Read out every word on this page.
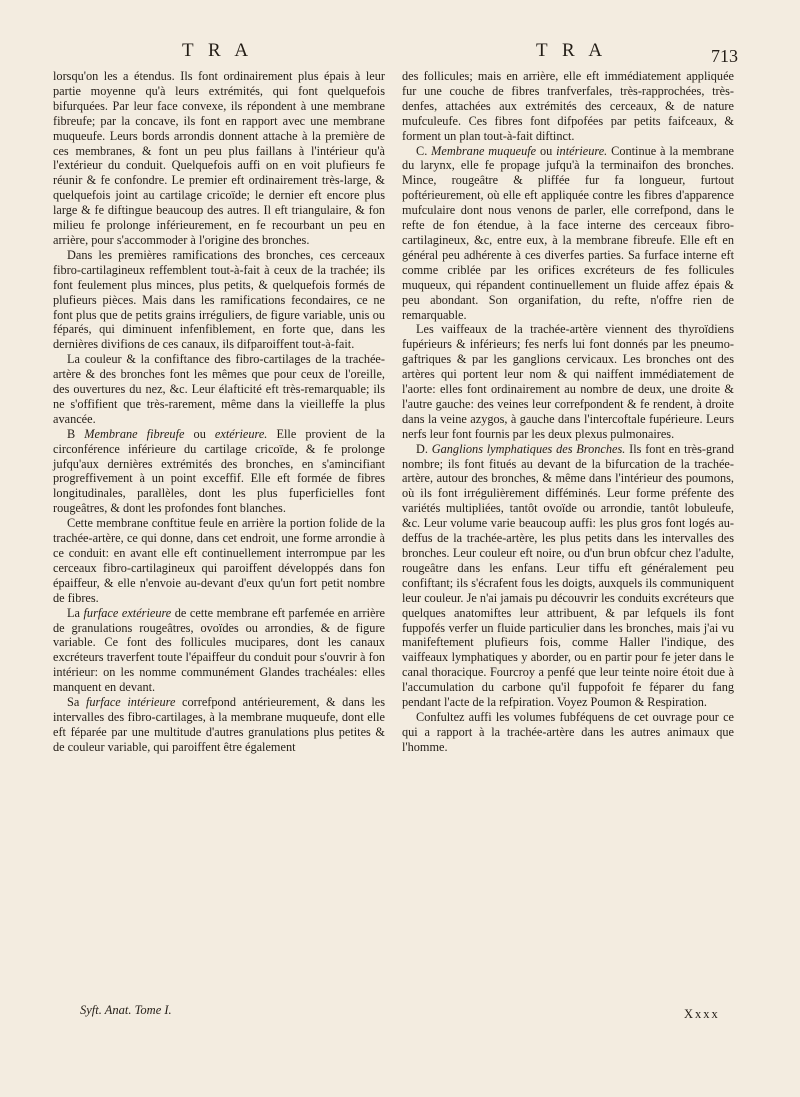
T R A	T R A	713

lorsqu'on les a étendus. Ils font ordinairement plus épais à leur partie moyenne qu'à leurs extrémités, qui font quelquefois bifurquées. Par leur face convexe, ils répondent à une membrane fibreufe; par la concave, ils font en rapport avec une membrane muqueufe. Leurs bords arrondis donnent attache à la première de ces membranes, & font un peu plus faillans à l'intérieur qu'à l'extérieur du conduit. Quelquefois auffi on en voit plufieurs fe réunir & fe confondre. Le premier eft ordinairement très-large, & quelquefois joint au cartilage cricoïde; le dernier eft encore plus large & fe diftingue beaucoup des autres. Il eft triangulaire, & fon milieu fe prolonge inférieurement, en fe recourbant un peu en arrière, pour s'accommoder à l'origine des bronches.

Dans les premières ramifications des bronches, ces cerceaux fibro-cartilagineux reffemblent tout-à-fait à ceux de la trachée; ils font feulement plus minces, plus petits, & quelquefois formés de plufieurs pièces. Mais dans les ramifications fecondaires, ce ne font plus que de petits grains irréguliers, de figure variable, unis ou féparés, qui diminuent infenfiblement, en forte que, dans les dernières divifions de ces canaux, ils difparoiffent tout-à-fait.

La couleur & la confiftance des fibro-cartilages de la trachée-artère & des bronches font les mêmes que pour ceux de l'oreille, des ouvertures du nez, &c. Leur élafticité eft très-remarquable; ils ne s'offifient que très-rarement, même dans la vieilleffe la plus avancée.

B Membrane fibreufe ou extérieure. Elle provient de la circonférence inférieure du cartilage cricoïde, & fe prolonge jufqu'aux dernières extrémités des bronches, en s'amincifiant progreffivement à un point exceffif. Elle eft formée de fibres longitudinales, parallèles, dont les plus fuperficielles font rougeâtres, & dont les profondes font blanches.

Cette membrane conftitue feule en arrière la portion folide de la trachée-artère, ce qui donne, dans cet endroit, une forme arrondie à ce conduit: en avant elle eft continuellement interrompue par les cerceaux fibro-cartilagineux qui paroiffent développés dans fon épaiffeur, & elle n'envoie au-devant d'eux qu'un fort petit nombre de fibres.

La furface extérieure de cette membrane eft parfemée en arrière de granulations rougeâtres, ovoïdes ou arrondies, & de figure variable. Ce font des follicules mucipares, dont les canaux excréteurs traverfent toute l'épaiffeur du conduit pour s'ouvrir à fon intérieur: on les nomme communément Glandes trachéales: elles manquent en devant.

Sa furface intérieure correfpond antérieurement, & dans les intervalles des fibro-cartilages, à la membrane muqueufe, dont elle eft féparée par une multitude d'autres granulations plus petites & de couleur variable, qui paroiffent être également

des follicules; mais en arrière, elle eft immédiatement appliquée fur une couche de fibres tranfverfales, très-rapprochées, très-denfes, attachées aux extrémités des cerceaux, & de nature mufculeufe. Ces fibres font difpofées par petits faifceaux, & forment un plan tout-à-fait diftinct.

C. Membrane muqueufe ou intérieure. Continue à la membrane du larynx, elle fe propage jufqu'à la terminaifon des bronches. Mince, rougeâtre & pliffée fur fa longueur, furtout poftérieurement, où elle eft appliquée contre les fibres d'apparence mufculaire dont nous venons de parler, elle correfpond, dans le refte de fon étendue, à la face interne des cerceaux fibro-cartilagineux, &c, entre eux, à la membrane fibreufe. Elle eft en général peu adhérente à ces diverfes parties. Sa furface interne eft comme criblée par les orifices excréteurs de fes follicules muqueux, qui répandent continuellement un fluide affez épais & peu abondant. Son organifation, du refte, n'offre rien de remarquable.

Les vaiffeaux de la trachée-artère viennent des thyroïdiens fupérieurs & inférieurs; fes nerfs lui font donnés par les pneumo-gaftriques & par les ganglions cervicaux. Les bronches ont des artères qui portent leur nom & qui naiffent immédiatement de l'aorte: elles font ordinairement au nombre de deux, une droite & l'autre gauche: des veines leur correfpondent & fe rendent, à droite dans la veine azygos, à gauche dans l'intercoftale fupérieure. Leurs nerfs leur font fournis par les deux plexus pulmonaires.

D. Ganglions lymphatiques des Bronches. Ils font en très-grand nombre; ils font fitués au devant de la bifurcation de la trachée-artère, autour des bronches, & même dans l'intérieur des poumons, où ils font irrégulièrement difféminés. Leur forme préfente des variétés multipliées, tantôt ovoïde ou arrondie, tantôt lobuleufe, &c. Leur volume varie beaucoup auffi: les plus gros font logés au-deffus de la trachée-artère, les plus petits dans les intervalles des bronches. Leur couleur eft noire, ou d'un brun obfcur chez l'adulte, rougeâtre dans les enfans. Leur tiffu eft généralement peu confiftant; ils s'écrafent fous les doigts, auxquels ils communiquent leur couleur. Je n'ai jamais pu découvrir les conduits excréteurs que quelques anatomiftes leur attribuent, & par lefquels ils font fuppofés verfer un fluide particulier dans les bronches, mais j'ai vu manifeftement plufieurs fois, comme Haller l'indique, des vaiffeaux lymphatiques y aborder, ou en partir pour fe jeter dans le canal thoracique. Fourcroy a penfé que leur teinte noire étoit due à l'accumulation du carbone qu'il fuppofoit fe féparer du fang pendant l'acte de la refpiration. Voyez Poumon & Respiration.

Confultez auffi les volumes fubféquens de cet ouvrage pour ce qui a rapport à la trachée-artère dans les autres animaux que l'homme.

Syft. Anat. Tome I.	Xxxx
